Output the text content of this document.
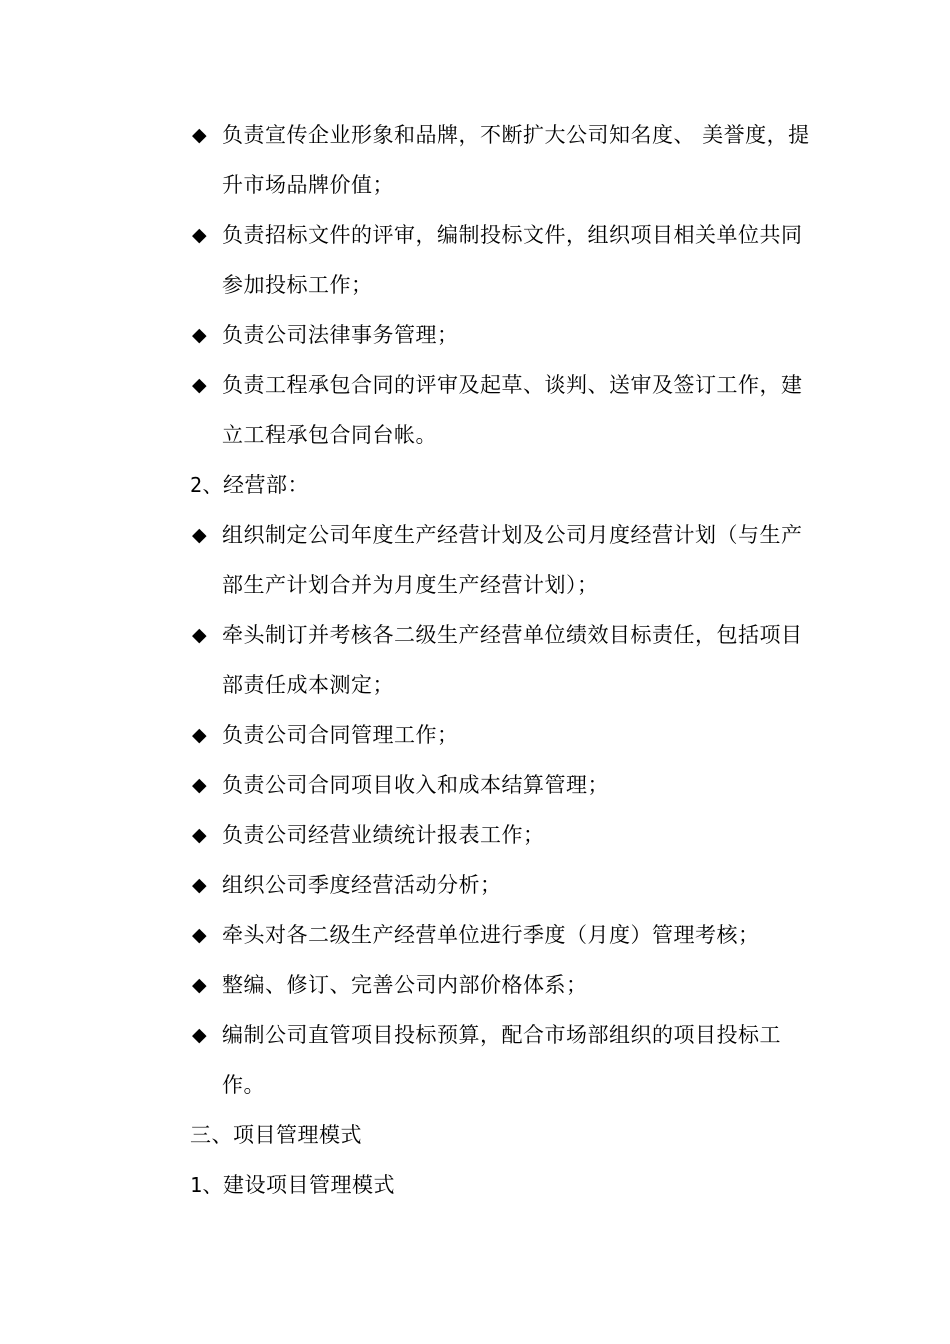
◆ 负责宣传企业形象和品牌，不断扩大公司知名度、 美誉度，提升市场品牌价值；
◆ 负责招标文件的评审，编制投标文件，组织项目相关单位共同参加投标工作；
◆ 负责公司法律事务管理；
◆ 负责工程承包合同的评审及起草、谈判、送审及签订工作，建立工程承包合同台帐。
2、经营部：
◆ 组织制定公司年度生产经营计划及公司月度经营计划（与生产部生产计划合并为月度生产经营计划）；
◆ 牵头制订并考核各二级生产经营单位绩效目标责任，包括项目部责任成本测定；
◆ 负责公司合同管理工作；
◆ 负责公司合同项目收入和成本结算管理；
◆ 负责公司经营业绩统计报表工作；
◆ 组织公司季度经营活动分析；
◆ 牵头对各二级生产经营单位进行季度（月度）管理考核；
◆ 整编、修订、完善公司内部价格体系；
◆ 编制公司直管项目投标预算，配合市场部组织的项目投标工作。
三、项目管理模式
1、建设项目管理模式
